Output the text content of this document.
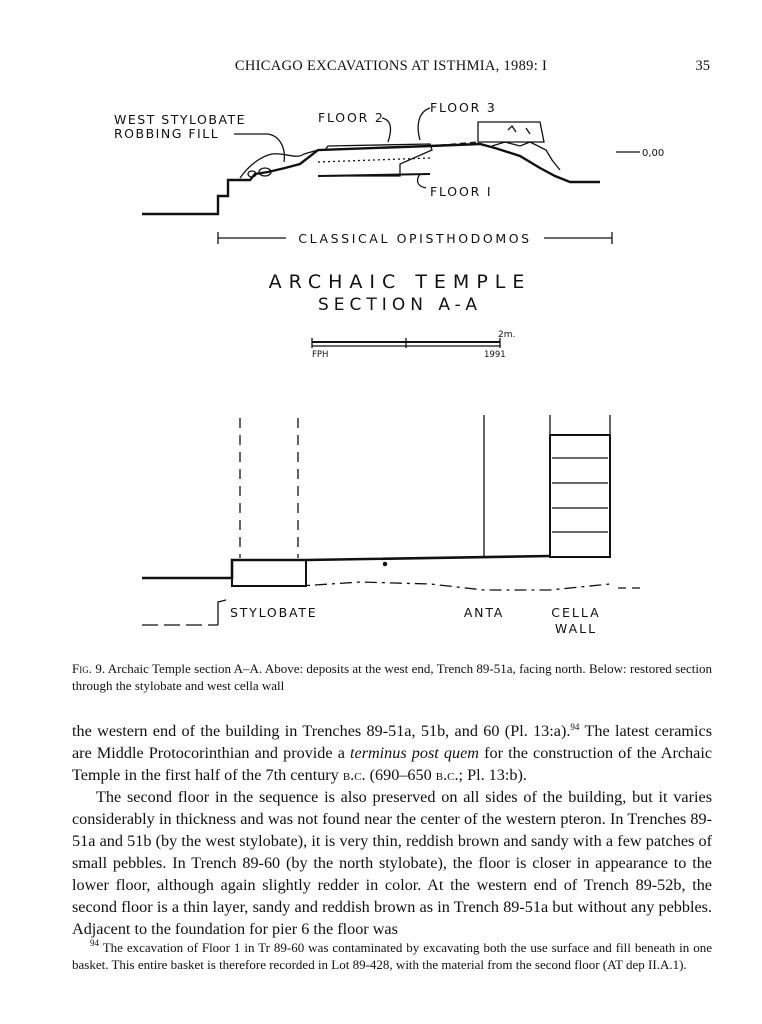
CHICAGO EXCAVATIONS AT ISTHMIA, 1989: I	35
WEST STYLOBATE
ROBBING FILL
FLOOR 2
FLOOR 3
FLOOR I
0,00
CLASSICAL OPISTHODOMOS
ARCHAIC TEMPLE
SECTION A-A
2m.
FPH	1991
STYLOBATE	ANTA	CELLA
WALL
Fig. 9. Archaic Temple section A–A. Above: deposits at the west end, Trench 89-51a, facing north. Below: restored section through the stylobate and west cella wall

the western end of the building in Trenches 89-51a, 51b, and 60 (Pl. 13:a).$^{94}$ The latest ceramics are Middle Protocorinthian and provide a terminus post quem for the construction of the Archaic Temple in the first half of the 7th century b.c. (690–650 b.c.; Pl. 13:b).

The second floor in the sequence is also preserved on all sides of the building, but it varies considerably in thickness and was not found near the center of the western pteron. In Trenches 89-51a and 51b (by the west stylobate), it is very thin, reddish brown and sandy with a few patches of small pebbles. In Trench 89-60 (by the north stylobate), the floor is closer in appearance to the lower floor, although again slightly redder in color. At the western end of Trench 89-52b, the second floor is a thin layer, sandy and reddish brown as in Trench 89-51a but without any pebbles. Adjacent to the foundation for pier 6 the floor was

$^{94}$ The excavation of Floor 1 in Tr 89-60 was contaminated by excavating both the use surface and fill beneath in one basket. This entire basket is therefore recorded in Lot 89-428, with the material from the second floor (AT dep II.A.1).
